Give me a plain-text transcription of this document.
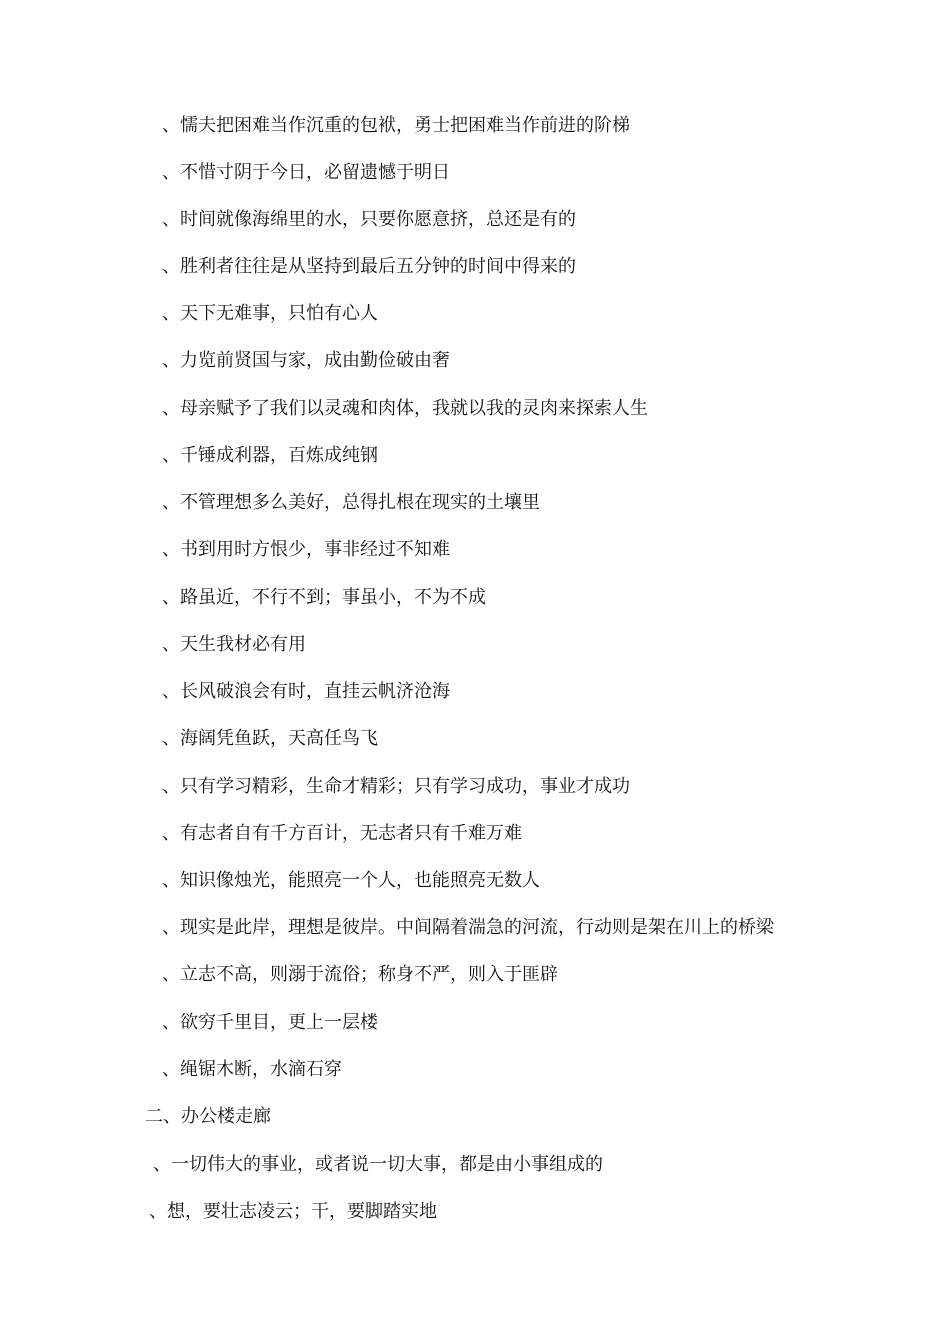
、懦夫把困难当作沉重的包袱，勇士把困难当作前进的阶梯
、不惜寸阴于今日，必留遗憾于明日
、时间就像海绵里的水，只要你愿意挤，总还是有的
、胜利者往往是从坚持到最后五分钟的时间中得来的
、天下无难事，只怕有心人
、力览前贤国与家，成由勤俭破由奢
、母亲赋予了我们以灵魂和肉体，我就以我的灵肉来探索人生
、千锤成利器，百炼成纯钢
、不管理想多么美好，总得扎根在现实的土壤里
、书到用时方恨少，事非经过不知难
、路虽近，不行不到；事虽小，不为不成
、天生我材必有用
、长风破浪会有时，直挂云帆济沧海
、海阔凭鱼跃，天高任鸟飞
、只有学习精彩，生命才精彩；只有学习成功，事业才成功
、有志者自有千方百计，无志者只有千难万难
、知识像烛光，能照亮一个人，也能照亮无数人
、现实是此岸，理想是彼岸。中间隔着湍急的河流，行动则是架在川上的桥梁
、立志不高，则溺于流俗；称身不严，则入于匪辟
、欲穷千里目，更上一层楼
、绳锯木断，水滴石穿
二、办公楼走廊
、一切伟大的事业，或者说一切大事，都是由小事组成的
、想，要壮志凌云；干，要脚踏实地
